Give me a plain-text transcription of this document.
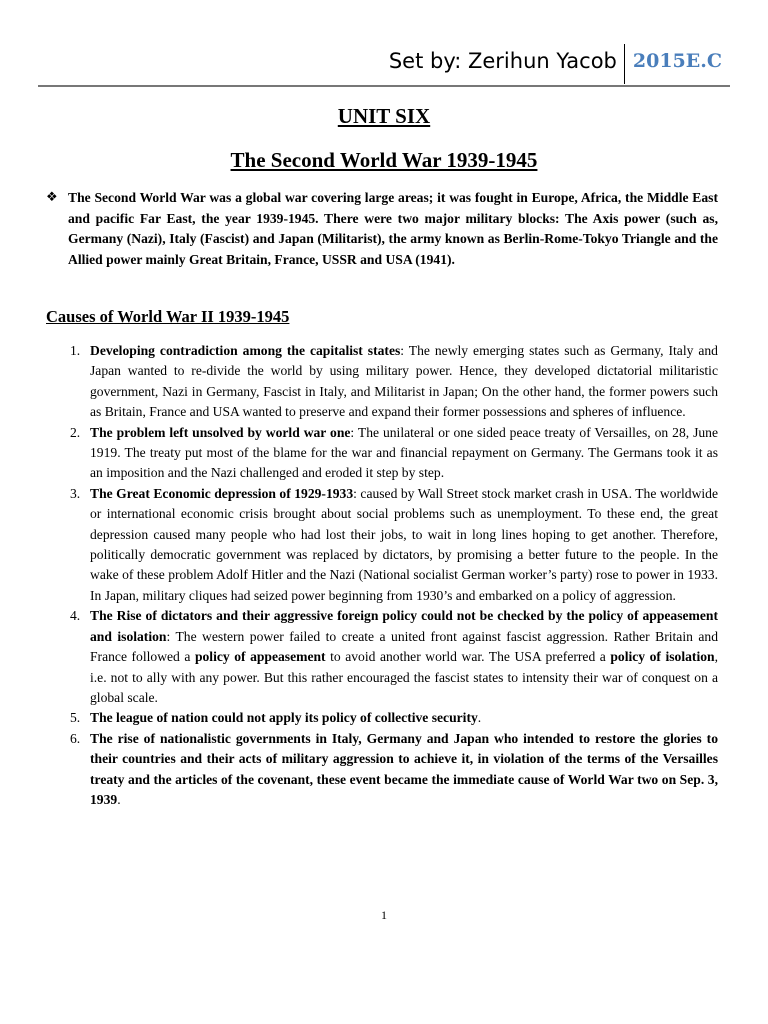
Set by: Zerihun Yacob 2015E.C
UNIT SIX
The Second World War 1939-1945
❖ The Second World War was a global war covering large areas; it was fought in Europe, Africa, the Middle East and pacific Far East, the year 1939-1945. There were two major military blocks: The Axis power (such as, Germany (Nazi), Italy (Fascist) and Japan (Militarist), the army known as Berlin-Rome-Tokyo Triangle and the Allied power mainly Great Britain, France, USSR and USA (1941).
Causes of World War II 1939-1945
1. Developing contradiction among the capitalist states: The newly emerging states such as Germany, Italy and Japan wanted to re-divide the world by using military power. Hence, they developed dictatorial militaristic government, Nazi in Germany, Fascist in Italy, and Militarist in Japan; On the other hand, the former powers such as Britain, France and USA wanted to preserve and expand their former possessions and spheres of influence.
2. The problem left unsolved by world war one: The unilateral or one sided peace treaty of Versailles, on 28, June 1919. The treaty put most of the blame for the war and financial repayment on Germany. The Germans took it as an imposition and the Nazi challenged and eroded it step by step.
3. The Great Economic depression of 1929-1933: caused by Wall Street stock market crash in USA. The worldwide or international economic crisis brought about social problems such as unemployment. To these end, the great depression caused many people who had lost their jobs, to wait in long lines hoping to get another. Therefore, politically democratic government was replaced by dictators, by promising a better future to the people. In the wake of these problem Adolf Hitler and the Nazi (National socialist German worker’s party) rose to power in 1933. In Japan, military cliques had seized power beginning from 1930’s and embarked on a policy of aggression.
4. The Rise of dictators and their aggressive foreign policy could not be checked by the policy of appeasement and isolation: The western power failed to create a united front against fascist aggression. Rather Britain and France followed a policy of appeasement to avoid another world war. The USA preferred a policy of isolation, i.e. not to ally with any power. But this rather encouraged the fascist states to intensity their war of conquest on a global scale.
5. The league of nation could not apply its policy of collective security.
6. The rise of nationalistic governments in Italy, Germany and Japan who intended to restore the glories to their countries and their acts of military aggression to achieve it, in violation of the terms of the Versailles treaty and the articles of the covenant, these event became the immediate cause of World War two on Sep. 3, 1939.
1
